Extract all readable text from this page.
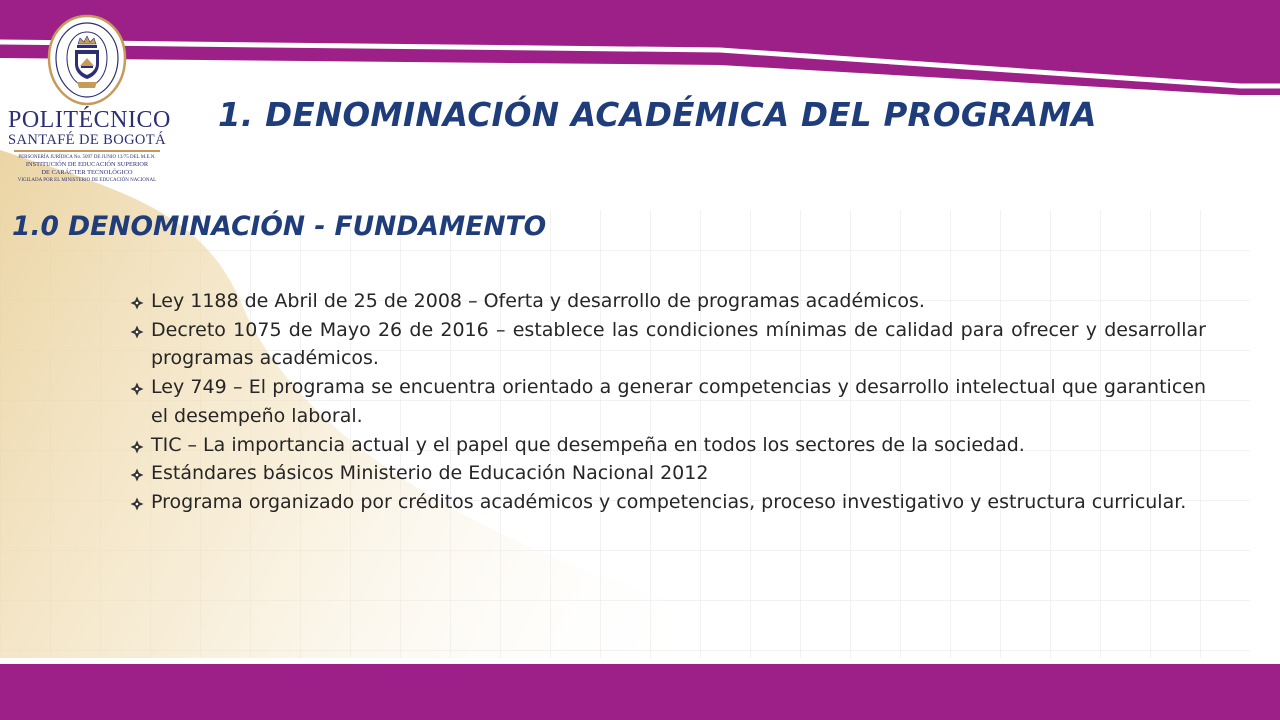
POLITÉCNICO
SANTAFÉ DE BOGOTÁ
PERSONERÍA JURÍDICA No. 5097 DE JUNIO 13/75 DEL M.E.N.
INSTITUCIÓN DE EDUCACIÓN SUPERIOR
DE CARÁCTER TECNOLÓGICO
VIGILADA POR EL MINISTERIO DE EDUCACIÓN NACIONAL
1. DENOMINACIÓN ACADÉMICA DEL PROGRAMA
1.0 DENOMINACIÓN - FUNDAMENTO
Ley 1188 de Abril de 25 de 2008 – Oferta y desarrollo de programas académicos.
Decreto 1075 de Mayo 26 de 2016 – establece las condiciones mínimas de calidad para ofrecer y desarrollar programas académicos.
Ley 749 – El programa se encuentra orientado a generar competencias y desarrollo intelectual que garanticen el desempeño laboral.
TIC – La importancia actual y el papel que desempeña en todos los sectores de la sociedad.
Estándares básicos Ministerio de Educación Nacional 2012
Programa organizado por créditos académicos y competencias, proceso investigativo y estructura curricular.
